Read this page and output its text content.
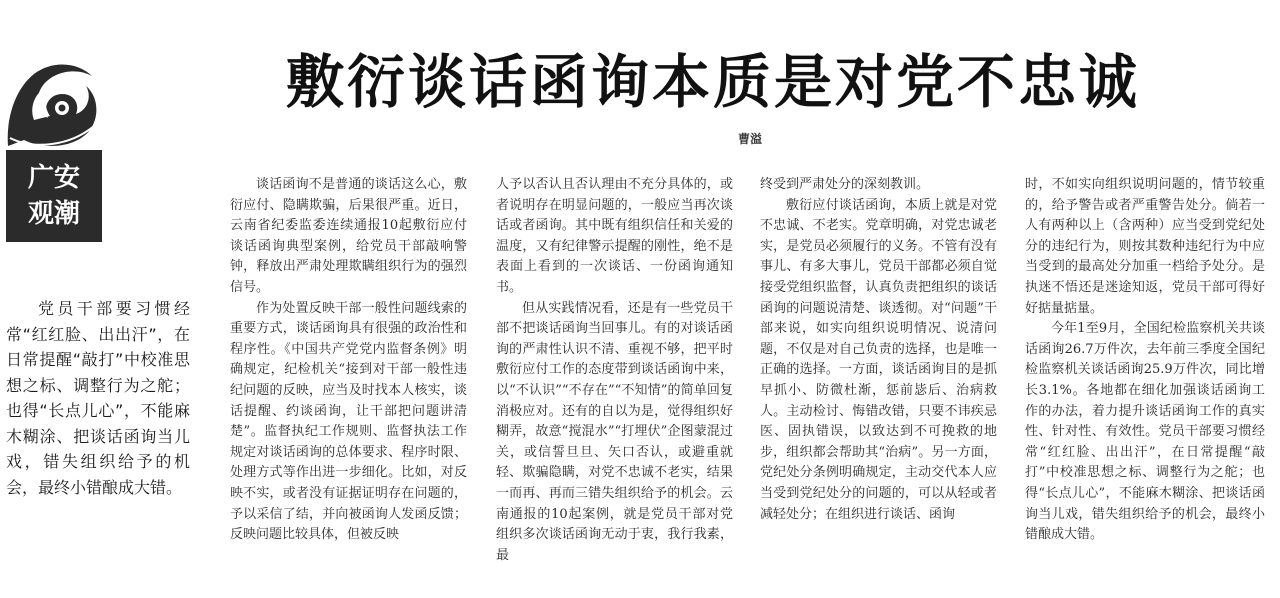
广安
观潮
敷衍谈话函询本质是对党不忠诚
曹溢

党员干部要习惯经常“红红脸、出出汗”，在日常提醒“敲打”中校准思想之标、调整行为之舵；也得“长点儿心”，不能麻木糊涂、把谈话函询当儿戏，错失组织给予的机会，最终小错酿成大错。

谈话函询不是普通的谈话这么心，敷衍应付、隐瞒欺骗，后果很严重。近日，云南省纪委监委连续通报10起敷衍应付谈话函询典型案例，给党员干部敲响警钟，释放出严肃处理欺瞒组织行为的强烈信号。

作为处置反映干部一般性问题线索的重要方式，谈话函询具有很强的政治性和程序性。《中国共产党党内监督条例》明确规定，纪检机关“接到对干部一般性违纪问题的反映，应当及时找本人核实，谈话提醒、约谈函询，让干部把问题讲清楚”。监督执纪工作规则、监督执法工作规定对谈话函询的总体要求、程序时限、处理方式等作出进一步细化。比如，对反映不实，或者没有证据证明存在问题的，予以采信了结，并向被函询人发函反馈；反映问题比较具体，但被反映

人予以否认且否认理由不充分具体的，或者说明存在明显问题的，一般应当再次谈话或者函询。其中既有组织信任和关爱的温度，又有纪律警示提醒的刚性，绝不是表面上看到的一次谈话、一份函询通知书。

但从实践情况看，还是有一些党员干部不把谈话函询当回事儿。有的对谈话函询的严肃性认识不清、重视不够，把平时敷衍应付工作的态度带到谈话函询中来，以“不认识”“不存在”“不知情”的简单回复消极应对。还有的自以为是，觉得组织好糊弄，故意“搅混水”“打埋伏”企图蒙混过关，或信誓旦旦、矢口否认，或避重就轻、欺骗隐瞒，对党不忠诚不老实，结果一而再、再而三错失组织给予的机会。云南通报的10起案例，就是党员干部对党组织多次谈话函询无动于衷，我行我素，最

终受到严肃处分的深刻教训。

敷衍应付谈话函询，本质上就是对党不忠诚、不老实。党章明确，对党忠诚老实，是党员必须履行的义务。不管有没有事儿、有多大事儿，党员干部都必须自觉接受党组织监督，认真负责把组织的谈话函询的问题说清楚、谈透彻。对“问题”干部来说，如实向组织说明情况、说清问题，不仅是对自己负责的选择，也是唯一正确的选择。一方面，谈话函询目的是抓早抓小、防微杜渐，惩前毖后、治病救人。主动检讨、悔错改错，只要不讳疾忌医、固执错误，以致达到不可挽救的地步，组织都会帮助其“治病”。另一方面，党纪处分条例明确规定，主动交代本人应当受到党纪处分的问题的，可以从轻或者减轻处分；在组织进行谈话、函询

时，不如实向组织说明问题的，情节较重的，给予警告或者严重警告处分。倘若一人有两种以上（含两种）应当受到党纪处分的违纪行为，则按其数种违纪行为中应当受到的最高处分加重一档给予处分。是执迷不悟还是迷途知返，党员干部可得好好掂量掂量。

今年1至9月，全国纪检监察机关共谈话函询26.7万件次，去年前三季度全国纪检监察机关谈话函询25.9万件次，同比增长3.1%。各地都在细化加强谈话函询工作的办法，着力提升谈话函询工作的真实性、针对性、有效性。党员干部要习惯经常“红红脸、出出汗”，在日常提醒“敲打”中校准思想之标、调整行为之舵；也得“长点儿心”，不能麻木糊涂、把谈话函询当儿戏，错失组织给予的机会，最终小错酿成大错。
